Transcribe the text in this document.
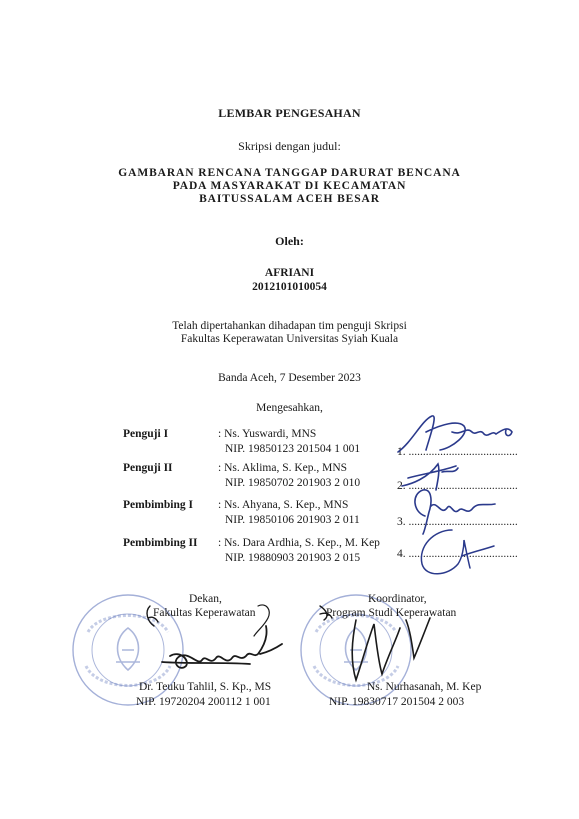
LEMBAR PENGESAHAN
Skripsi dengan judul:
GAMBARAN RENCANA TANGGAP DARURAT BENCANA
PADA MASYARAKAT DI KECAMATAN
BAITUSSALAM ACEH BESAR
Oleh:
AFRIANI
2012101010054
Telah dipertahankan dihadapan tim penguji Skripsi
Fakultas Keperawatan Universitas Syiah Kuala
Banda Aceh, 7 Desember 2023
Mengesahkan,
Penguji I	: Ns. Yuswardi, MNS
NIP. 19850123 201504 1 001	1. ......................................
Penguji II	: Ns. Aklima, S. Kep., MNS
NIP. 19850702 201903 2 010	2. ......................................
Pembimbing I : Ns. Ahyana, S. Kep., MNS
NIP. 19850106 201903 2 011	3. ......................................
Pembimbing II : Ns. Dara Ardhia, S. Kep., M. Kep
NIP. 19880903 201903 2 015	4. ......................................
Dekan,
Fakultas Keperawatan
Dr. Teuku Tahlil, S. Kp., MS
NIP. 19720204 200112 1 001
Koordinator,
Program Studi Keperawatan
Ns. Nurhasanah, M. Kep
NIP. 19830717 201504 2 003
